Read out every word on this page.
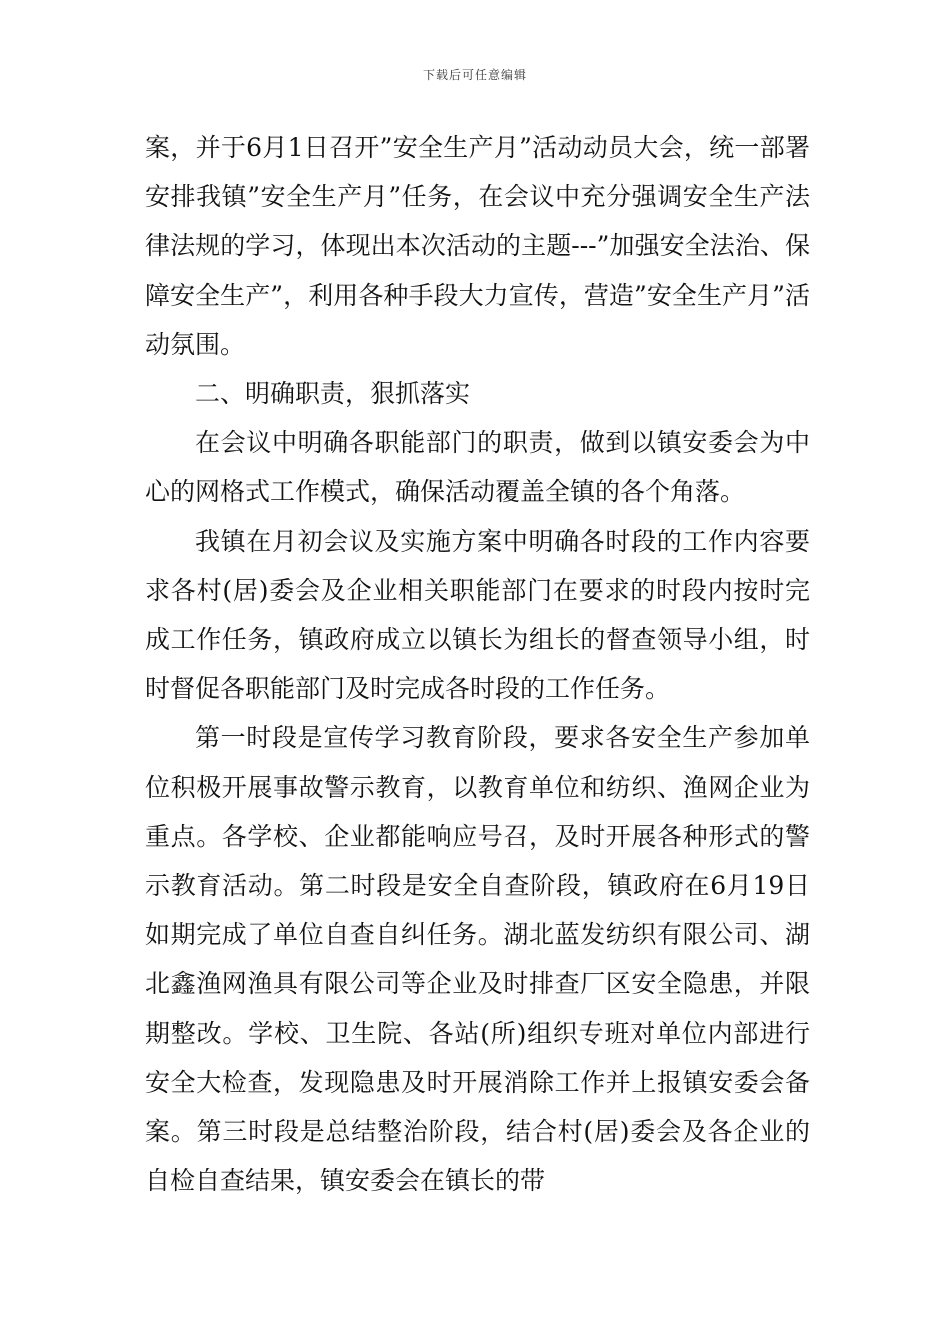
下载后可任意编辑

案，并于6月1日召开”安全生产月”活动动员大会，统一部署安排我镇”安全生产月”任务，在会议中充分强调安全生产法律法规的学习，体现出本次活动的主题---”加强安全法治、保障安全生产”，利用各种手段大力宣传，营造”安全生产月”活动氛围。

二、明确职责，狠抓落实

在会议中明确各职能部门的职责，做到以镇安委会为中心的网格式工作模式，确保活动覆盖全镇的各个角落。

我镇在月初会议及实施方案中明确各时段的工作内容要求各村(居)委会及企业相关职能部门在要求的时段内按时完成工作任务，镇政府成立以镇长为组长的督查领导小组，时时督促各职能部门及时完成各时段的工作任务。

第一时段是宣传学习教育阶段，要求各安全生产参加单位积极开展事故警示教育，以教育单位和纺织、渔网企业为重点。各学校、企业都能响应号召，及时开展各种形式的警示教育活动。第二时段是安全自查阶段，镇政府在6月19日如期完成了单位自查自纠任务。湖北蓝发纺织有限公司、湖北鑫渔网渔具有限公司等企业及时排查厂区安全隐患，并限期整改。学校、卫生院、各站(所)组织专班对单位内部进行安全大检查，发现隐患及时开展消除工作并上报镇安委会备案。第三时段是总结整治阶段，结合村(居)委会及各企业的自检自查结果，镇安委会在镇长的带
